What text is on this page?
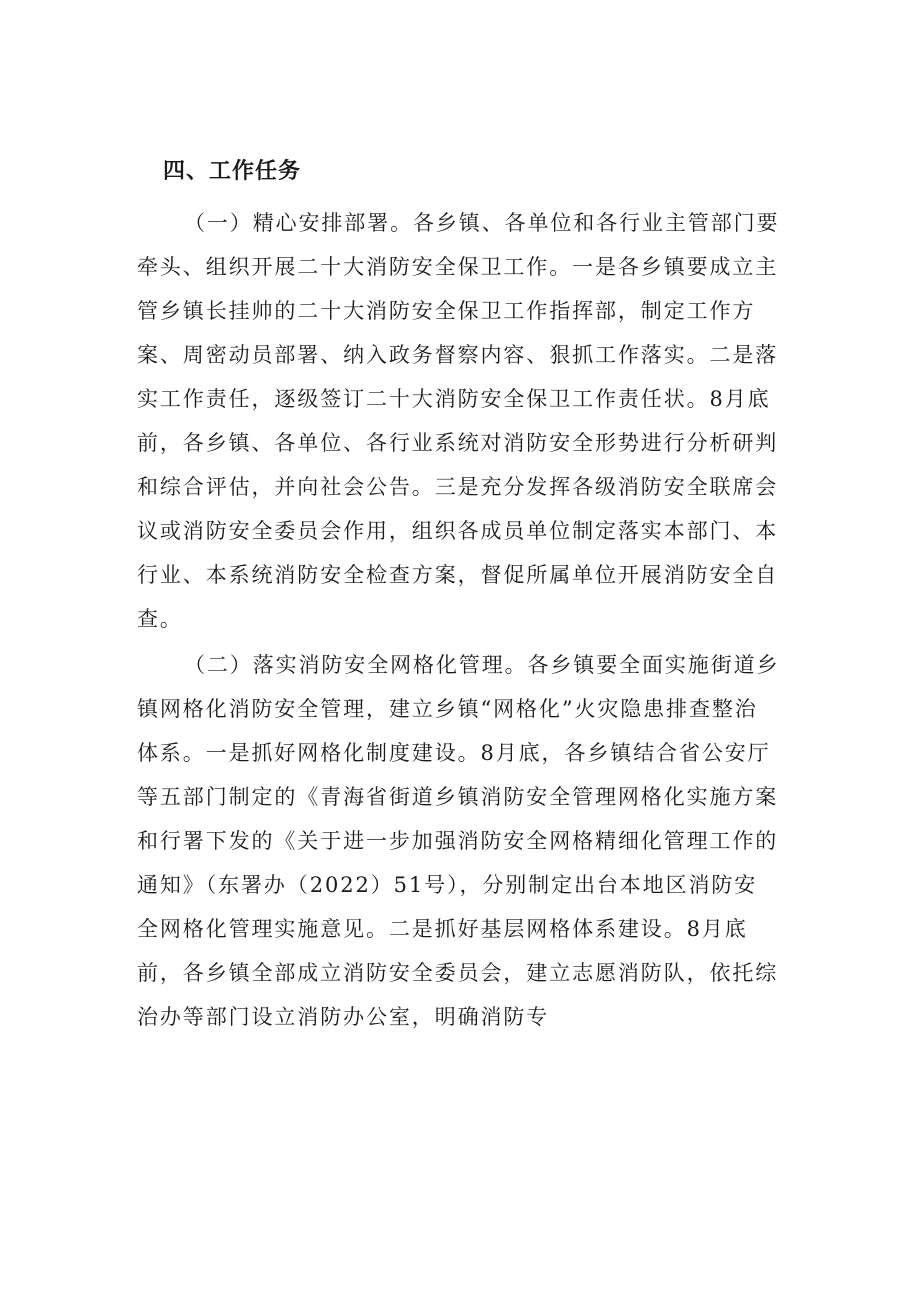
四、工作任务
（一）精心安排部署。各乡镇、各单位和各行业主管部门要
牵头、组织开展二十大消防安全保卫工作。一是各乡镇要成立主
管乡镇长挂帅的二十大消防安全保卫工作指挥部，制定工作方
案、周密动员部署、纳入政务督察内容、狠抓工作落实。二是落
实工作责任，逐级签订二十大消防安全保卫工作责任状。8月底
前，各乡镇、各单位、各行业系统对消防安全形势进行分析研判
和综合评估，并向社会公告。三是充分发挥各级消防安全联席会
议或消防安全委员会作用，组织各成员单位制定落实本部门、本
行业、本系统消防安全检查方案，督促所属单位开展消防安全自
查。
（二）落实消防安全网格化管理。各乡镇要全面实施街道乡
镇网格化消防安全管理，建立乡镇“网格化”火灾隐患排查整治
体系。一是抓好网格化制度建设。8月底，各乡镇结合省公安厅
等五部门制定的《青海省街道乡镇消防安全管理网格化实施方案
和行署下发的《关于进一步加强消防安全网格精细化管理工作的
通知》（东署办（2022）51号），分别制定出台本地区消防安
全网格化管理实施意见。二是抓好基层网格体系建设。8月底
前，各乡镇全部成立消防安全委员会，建立志愿消防队，依托综
治办等部门设立消防办公室，明确消防专
